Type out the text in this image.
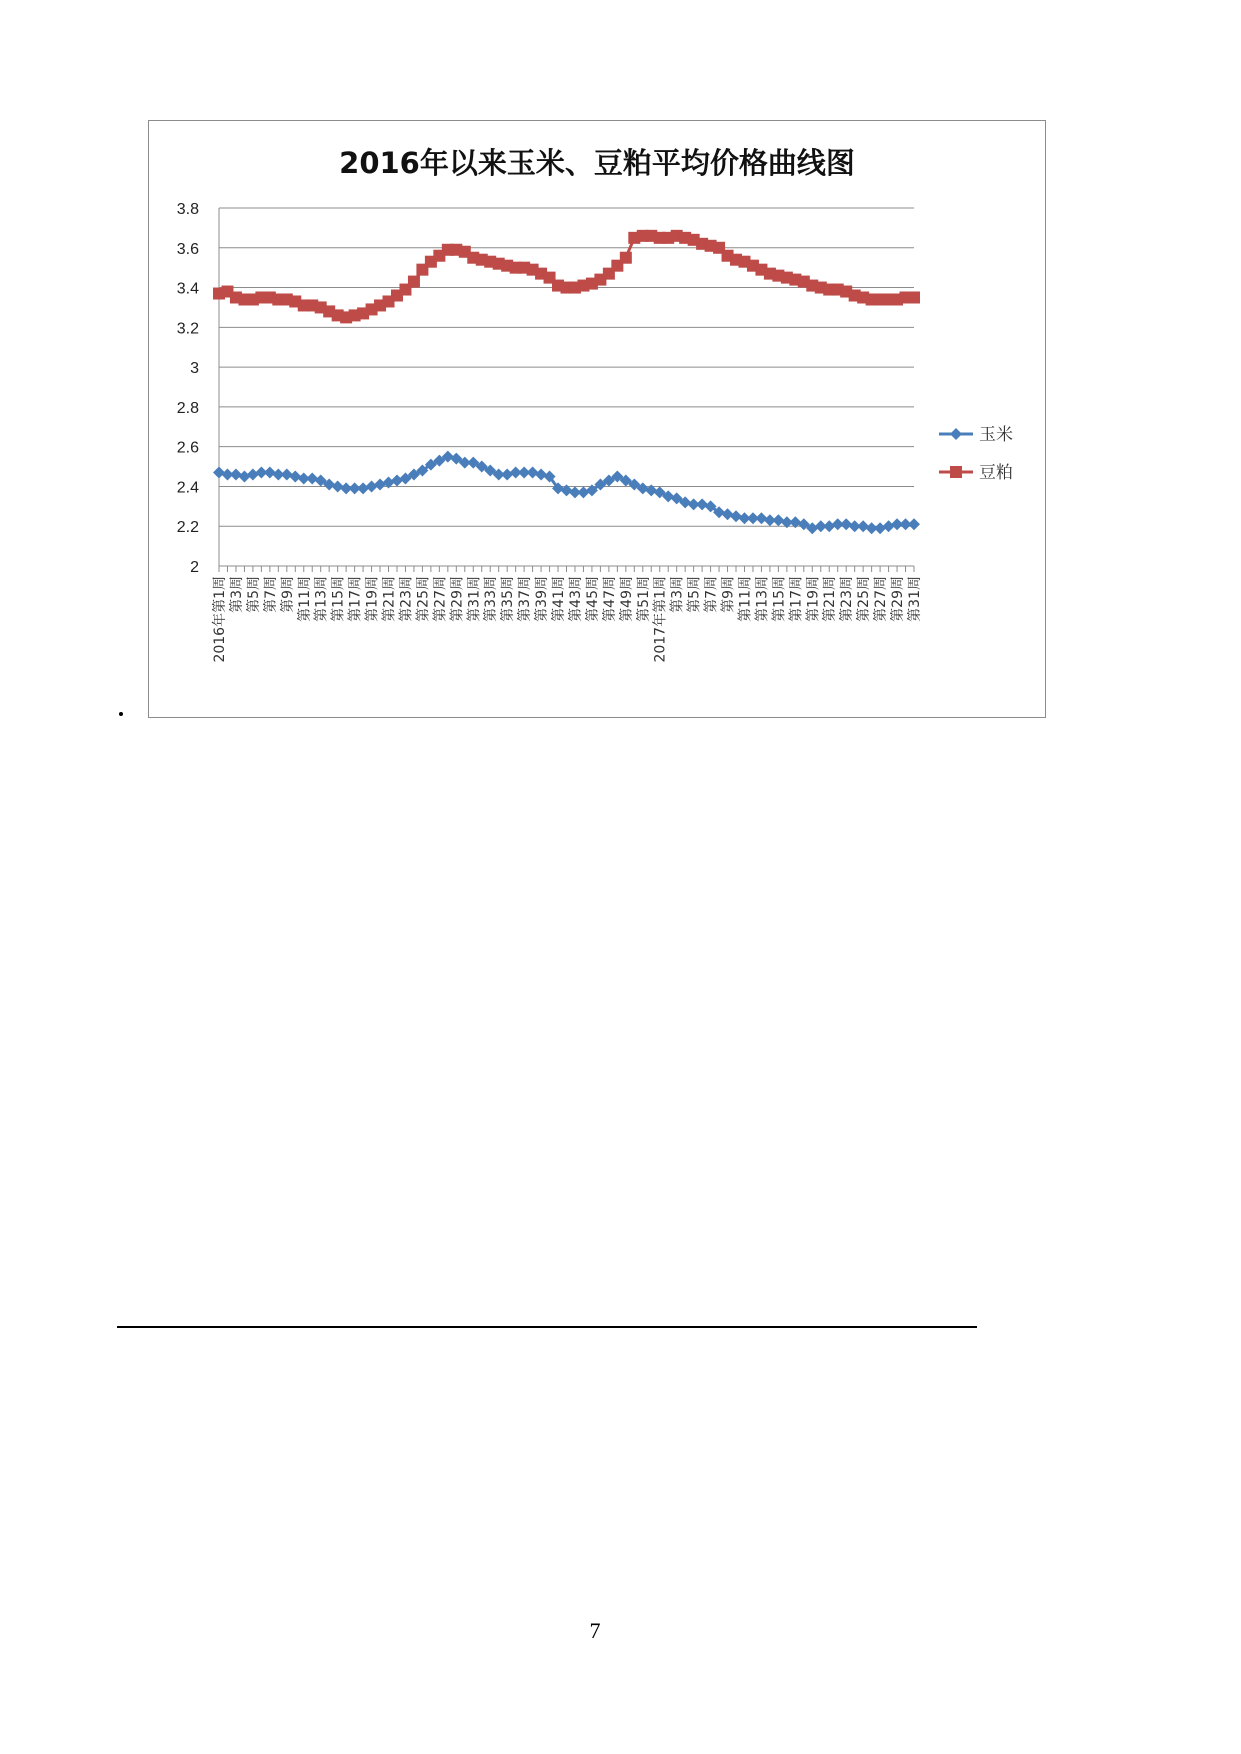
2016年以来玉米、豆粕平均价格曲线图
2
2.2
2.4
2.6
2.8
3
3.2
3.4
3.6
3.8
2016年第1周 第3周 第5周 第7周 第9周 第11周 第13周 第15周 第17周 第19周 第21周 第23周 第25周 第27周 第29周 第31周 第33周 第35周 第37周 第39周 第41周 第43周 第45周 第47周 第49周 第51周 2017年第1周 第3周 第5周 第7周 第9周 第11周 第13周 第15周 第17周 第19周 第21周 第23周 第25周 第27周 第29周 第31周
玉米
豆粕
7
